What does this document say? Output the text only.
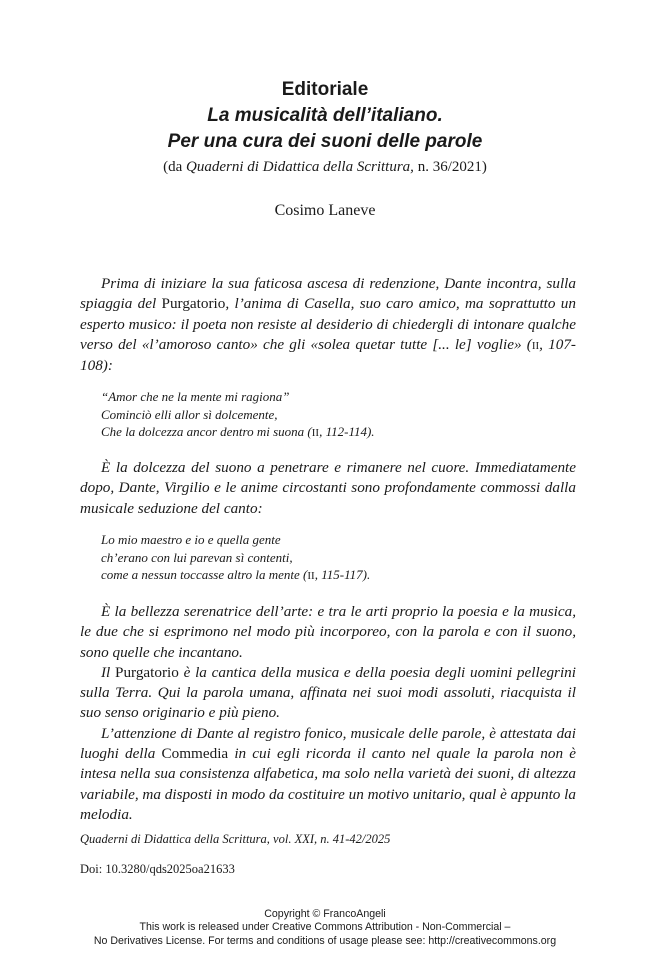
Editoriale
La musicalità dell’italiano.
Per una cura dei suoni delle parole
(da Quaderni di Didattica della Scrittura, n. 36/2021)
Cosimo Laneve

Prima di iniziare la sua faticosa ascesa di redenzione, Dante incontra, sulla spiaggia del Purgatorio, l’anima di Casella, suo caro amico, ma soprattutto un esperto musico: il poeta non resiste al desiderio di chiedergli di intonare qualche verso del «l’amoroso canto» che gli «solea quetar tutte [... le] voglie» (II, 107-108):

“Amor che ne la mente mi ragiona”
Cominciò elli allor sì dolcemente,
Che la dolcezza ancor dentro mi suona (II, 112-114).

È la dolcezza del suono a penetrare e rimanere nel cuore. Immediatamente dopo, Dante, Virgilio e le anime circostanti sono profondamente commossi dalla musicale seduzione del canto:

Lo mio maestro e io e quella gente
ch’erano con lui parevan sì contenti,
come a nessun toccasse altro la mente (II, 115-117).

È la bellezza serenatrice dell’arte: e tra le arti proprio la poesia e la musica, le due che si esprimono nel modo più incorporeo, con la parola e con il suono, sono quelle che incantano.

Il Purgatorio è la cantica della musica e della poesia degli uomini pellegrini sulla Terra. Qui la parola umana, affinata nei suoi modi assoluti, riacquista il suo senso originario e più pieno.

L’attenzione di Dante al registro fonico, musicale delle parole, è attestata dai luoghi della Commedia in cui egli ricorda il canto nel quale la parola non è intesa nella sua consistenza alfabetica, ma solo nella varietà dei suoni, di altezza variabile, ma disposti in modo da costituire un motivo unitario, qual è appunto la melodia.

Quaderni di Didattica della Scrittura, vol. XXI, n. 41-42/2025
Doi: 10.3280/qds2025oa21633
Copyright © FrancoAngeli
This work is released under Creative Commons Attribution - Non-Commercial –
No Derivatives License. For terms and conditions of usage please see: http://creativecommons.org
